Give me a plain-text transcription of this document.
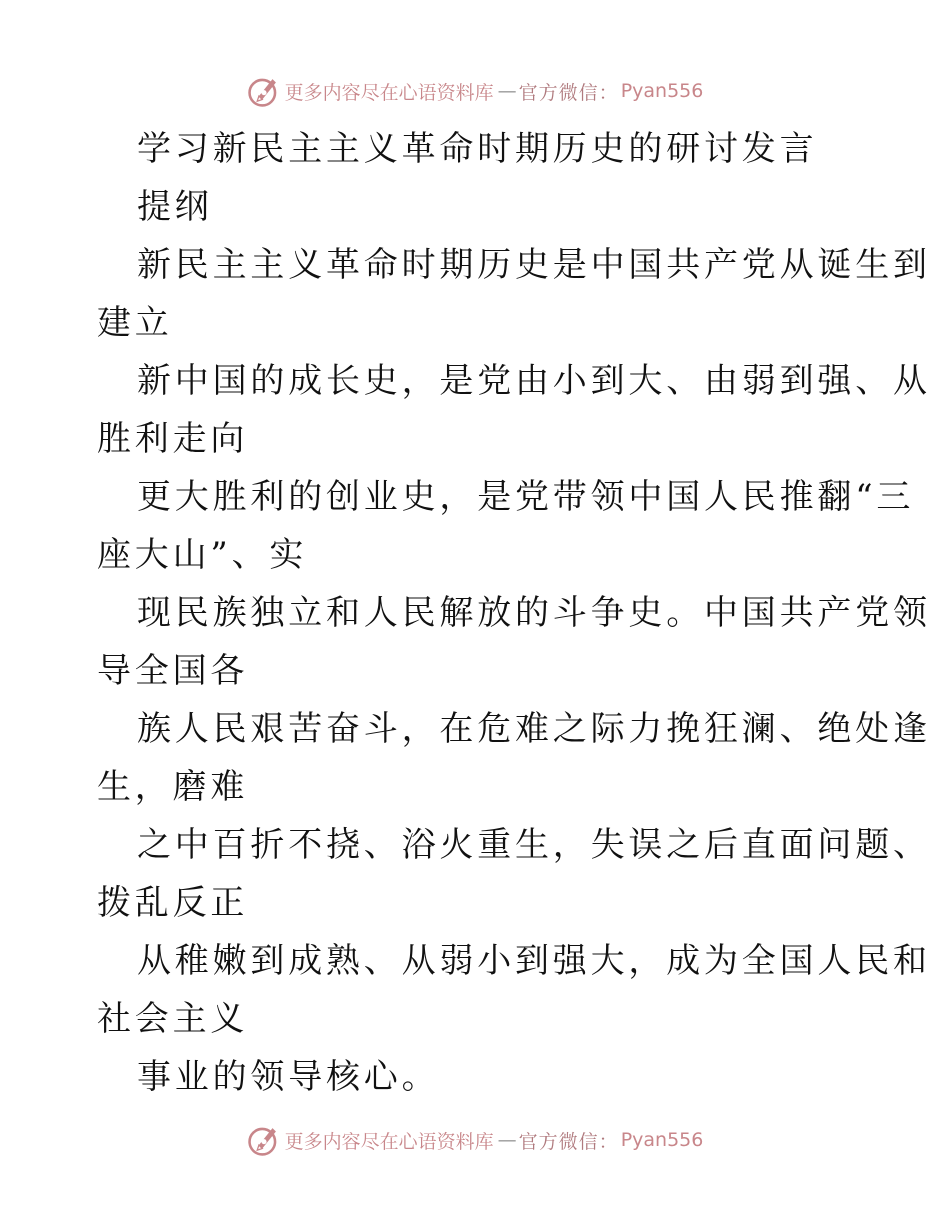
更多内容尽在心语资料库 — 官方微信： Pyan556
学习新民主主义革命时期历史的研讨发言
提纲
新民主主义革命时期历史是中国共产党从诞生到
建立
新中国的成长史，是党由小到大、由弱到强、从
胜利走向
更大胜利的创业史，是党带领中国人民推翻“三
座大山”、实
现民族独立和人民解放的斗争史。中国共产党领
导全国各
族人民艰苦奋斗，在危难之际力挽狂澜、绝处逢
生，磨难
之中百折不挠、浴火重生，失误之后直面问题、
拨乱反正
从稚嫩到成熟、从弱小到强大，成为全国人民和
社会主义
事业的领导核心。
更多内容尽在心语资料库 — 官方微信： Pyan556
